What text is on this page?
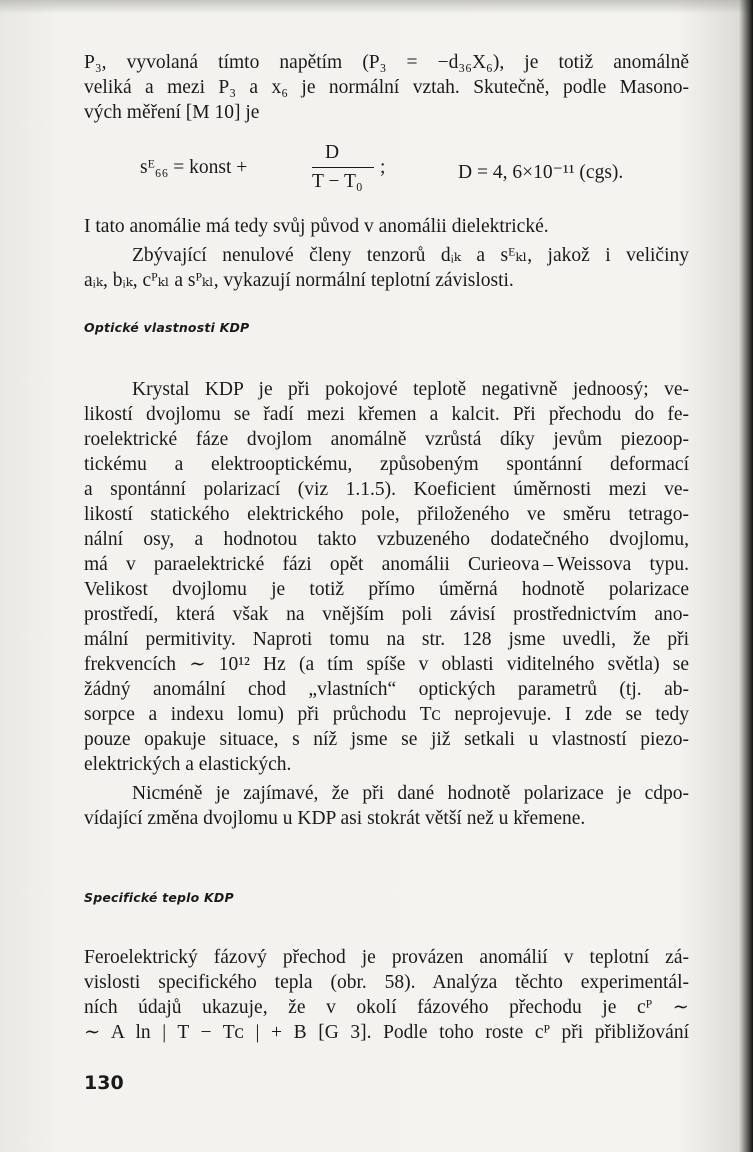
P₃, vyvolaná tímto napětím (P₃ = −d₃₆X₆), je totiž anomálně
veliká a mezi P₃ a x₆ je normální vztah. Skutečně, podle Masono-
vých měření [M 10] je
sᴱ₆₆ = konst +
D
T − T₀
;	D = 4, 6×10⁻¹¹ (cgs).
I tato anomálie má tedy svůj původ v anomálii dielektrické.
Zbývající nenulové členy tenzorů dᵢₖ a sᴱₖₗ, jakož i veličiny
aᵢₖ, bᵢₖ, cᴾₖₗ a sᴾₖₗ, vykazují normální teplotní závislosti.
Optické vlastnosti KDP
Krystal KDP je při pokojové teplotě negativně jednoosý; ve-
likostí dvojlomu se řadí mezi křemen a kalcit. Při přechodu do fe-
roelektrické fáze dvojlom anomálně vzrůstá díky jevům piezoop-
tickému a elektrooptickému, způsobeným spontánní deformací
a spontánní polarizací (viz 1.1.5). Koeficient úměrnosti mezi ve-
likostí statického elektrického pole, přiloženého ve směru tetrago-
nální osy, a hodnotou takto vzbuzeného dodatečného dvojlomu,
má v paraelektrické fázi opět anomálii Curieova – Weissova typu.
Velikost dvojlomu je totiž přímo úměrná hodnotě polarizace
prostředí, která však na vnějším poli závisí prostřednictvím ano-
mální permitivity. Naproti tomu na str. 128 jsme uvedli, že při
frekvencích ∼ 10¹² Hz (a tím spíše v oblasti viditelného světla) se
žádný anomální chod „vlastních“ optických parametrů (tj. ab-
sorpce a indexu lomu) při průchodu Tᴄ neprojevuje. I zde se tedy
pouze opakuje situace, s níž jsme se již setkali u vlastností piezo-
elektrických a elastických.
Nicméně je zajímavé, že při dané hodnotě polarizace je cdpo-
vídající změna dvojlomu u KDP asi stokrát větší než u křemene.
Specifické teplo KDP
Feroelektrický fázový přechod je provázen anomálií v teplotní zá-
vislosti specifického tepla (obr. 58). Analýza těchto experimentál-
ních údajů ukazuje, že v okolí fázového přechodu je cᴾ ∼
∼ A ln | T − Tᴄ | + B [G 3]. Podle toho roste cᴾ při přibližování
130
